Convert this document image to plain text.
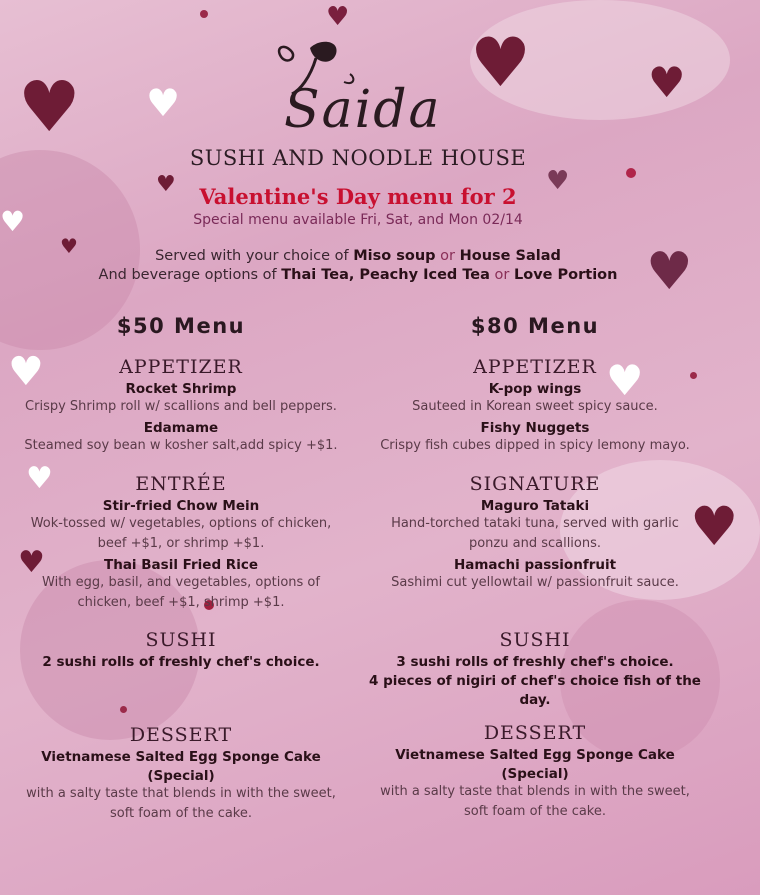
♥
♥
♥
♥
♥
♥	♥
♥
♥
♥	♥
♥
♥
♥
♥
Saida
SUSHI AND NOODLE HOUSE
Valentine's Day menu for 2
Special menu available Fri, Sat, and Mon 02/14
Served with your choice of Miso soup or House Salad
And beverage options of Thai Tea, Peachy Iced Tea or Love Portion
$50 Menu
APPETIZER
Rocket Shrimp
Crispy Shrimp roll w/ scallions and bell peppers.
Edamame
Steamed soy bean w kosher salt,add spicy +$1.
ENTRÉE
Stir-fried Chow Mein
Wok-tossed w/ vegetables, options of chicken,
beef +$1, or shrimp +$1.
Thai Basil Fried Rice
With egg, basil, and vegetables, options of
chicken, beef +$1, shrimp +$1.
SUSHI
2 sushi rolls of freshly chef's choice.
DESSERT
Vietnamese Salted Egg Sponge Cake
(Special)
with a salty taste that blends in with the sweet,
soft foam of the cake.
$80 Menu
APPETIZER
K-pop wings
Sauteed in Korean sweet spicy sauce.
Fishy Nuggets
Crispy fish cubes dipped in spicy lemony mayo.
SIGNATURE
Maguro Tataki
Hand-torched tataki tuna, served with garlic
ponzu and scallions.
Hamachi passionfruit
Sashimi cut yellowtail w/ passionfruit sauce.
SUSHI
3 sushi rolls of freshly chef's choice.
4 pieces of nigiri of chef's choice fish of the
day.
DESSERT
Vietnamese Salted Egg Sponge Cake
(Special)
with a salty taste that blends in with the sweet,
soft foam of the cake.
